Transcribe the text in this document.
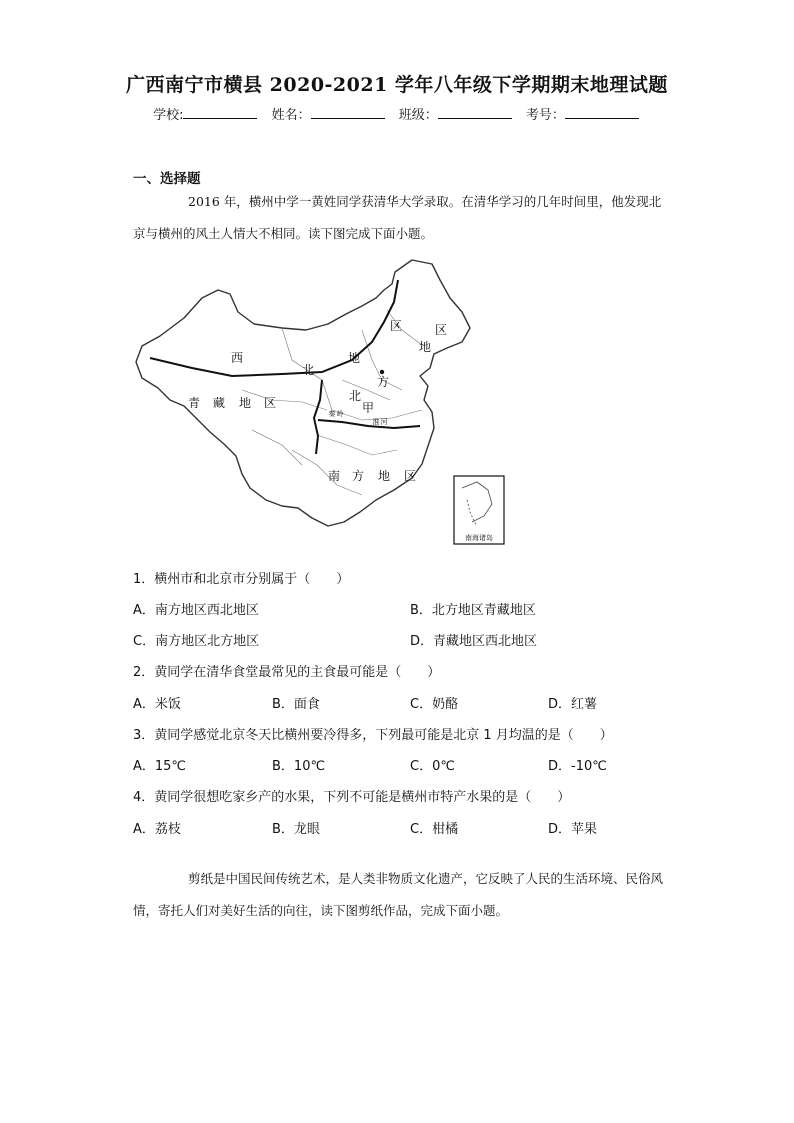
广西南宁市横县 2020-2021 学年八年级下学期期末地理试题
学校:	姓名：	班级：	考号：
一、选择题
2016 年，横州中学一黄姓同学获清华大学录取。在清华学习的几年时间里，他发现北京与横州的风土人情大不相同。读下图完成下面小题。
西
北
地
区	区
地
方
青 藏 地 区	北
甲
秦 岭
淮 河
南 方 地 区
南海诸岛
1．横州市和北京市分别属于（　　）
A．南方地区西北地区	B．北方地区青藏地区
C．南方地区北方地区	D．青藏地区西北地区
2．黄同学在清华食堂最常见的主食最可能是（　　）
A．米饭	B．面食	C．奶酪	D．红薯
3．黄同学感觉北京冬天比横州要冷得多，下列最可能是北京 1 月均温的是（　　）
A．15℃	B．10℃	C．0℃	D．-10℃
4．黄同学很想吃家乡产的水果，下列不可能是横州市特产水果的是（　　）
A．荔枝	B．龙眼	C．柑橘	D．苹果
剪纸是中国民间传统艺术，是人类非物质文化遗产，它反映了人民的生活环境、民俗风情，寄托人们对美好生活的向往，读下图剪纸作品，完成下面小题。
